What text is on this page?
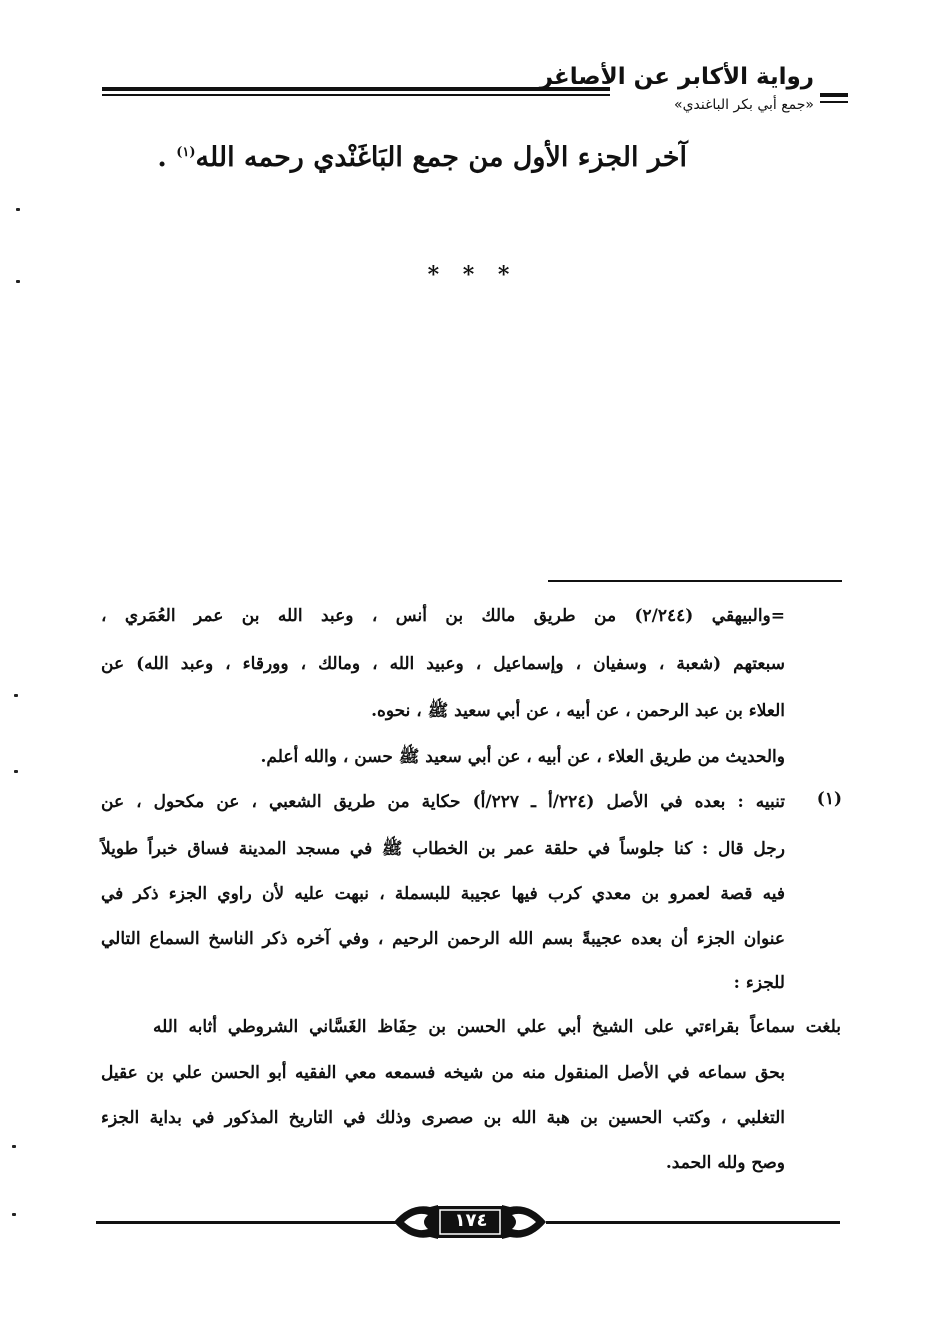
رواية الأكابر عن الأصاغر
«جمع أبي بكر الباغندي»
آخر الجزء الأول من جمع البَاغَنْدي رحمه الله$^{(١)}$ .
* * *
=والبيهقي (٢/٢٤٤) من طريق مالك بن أنس ، وعبد الله بن عمر العُمَري ،
سبعتهم (شعبة ، وسفيان ، وإسماعيل ، وعبيد الله ، ومالك ، وورقاء ، وعبد الله) عن
العلاء بن عبد الرحمن ، عن أبيه ، عن أبي سعيد ﷺ ، نحوه.
والحديث من طريق العلاء ، عن أبيه ، عن أبي سعيد ﷺ حسن ، والله أعلم.
(١)
تنبيه : بعده في الأصل (٢٢٤/أ ـ ٢٢٧/أ) حكاية من طريق الشعبي ، عن مكحول ، عن
رجل قال : كنا جلوساً في حلقة عمر بن الخطاب ﷺ في مسجد المدينة فساق خبراً طويلاً
فيه قصة لعمرو بن معدي كرب فيها عجيبة للبسملة ، نبهت عليه لأن راوي الجزء ذكر في
عنوان الجزء أن بعده عجيبةً بسم الله الرحمن الرحيم ، وفي آخره ذكر الناسخ السماع التالي
للجزء :
بلغت سماعاً بقراءتي على الشيخ أبي علي الحسن بن حِفَاظ الغَسَّاني الشروطي أثابه الله
بحق سماعه في الأصل المنقول منه من شيخه فسمعه معي الفقيه أبو الحسن علي بن عقيل
التغلبي ، وكتب الحسين بن هبة الله بن صصرى وذلك في التاريخ المذكور في بداية الجزء
وصح ولله الحمد.
١٧٤
